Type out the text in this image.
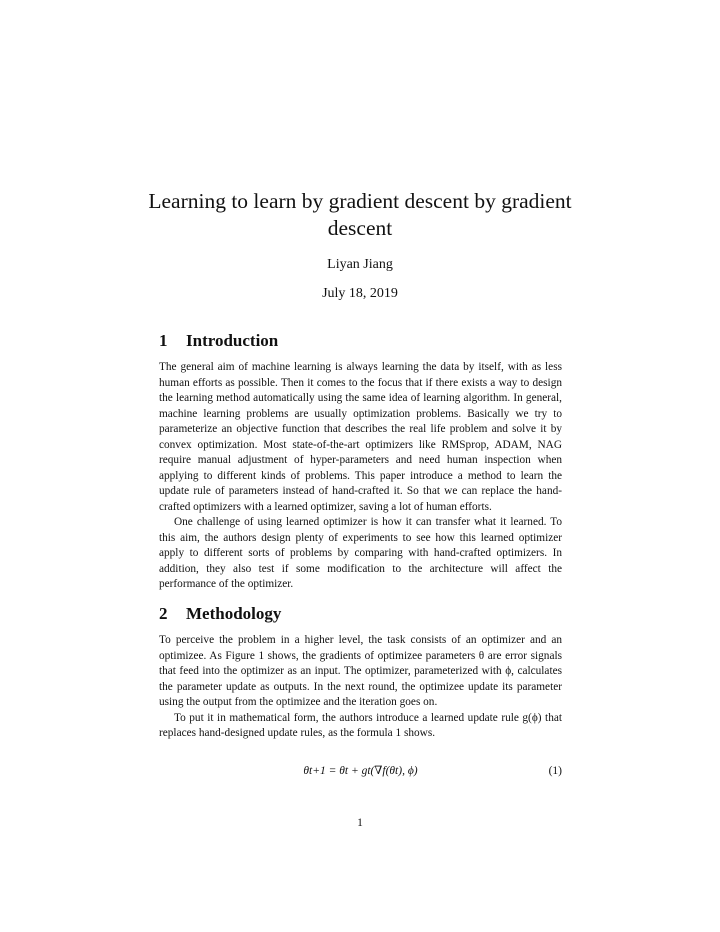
Learning to learn by gradient descent by gradient descent
Liyan Jiang
July 18, 2019
1 Introduction

The general aim of machine learning is always learning the data by itself, with as less human efforts as possible. Then it comes to the focus that if there exists a way to design the learning method automatically using the same idea of learning algorithm. In general, machine learning problems are usually optimization problems. Basically we try to parameterize an objective function that describes the real life problem and solve it by convex optimization. Most state-of-the-art optimizers like RMSprop, ADAM, NAG require manual adjustment of hyper-parameters and need human inspection when applying to different kinds of problems. This paper introduce a method to learn the update rule of parameters instead of hand-crafted it. So that we can replace the hand-crafted optimizers with a learned optimizer, saving a lot of human efforts.

One challenge of using learned optimizer is how it can transfer what it learned. To this aim, the authors design plenty of experiments to see how this learned optimizer apply to different sorts of problems by comparing with hand-crafted optimizers. In addition, they also test if some modification to the architecture will affect the performance of the optimizer.

2 Methodology

To perceive the problem in a higher level, the task consists of an optimizer and an optimizee. As Figure 1 shows, the gradients of optimizee parameters θ are error signals that feed into the optimizer as an input. The optimizer, parameterized with ϕ, calculates the parameter update as outputs. In the next round, the optimizee update its parameter using the output from the optimizee and the iteration goes on.

To put it in mathematical form, the authors introduce a learned update rule g(ϕ) that replaces hand-designed update rules, as the formula 1 shows.

θt+1 = θt + gt(∇f(θt), ϕ)	(1)
1
